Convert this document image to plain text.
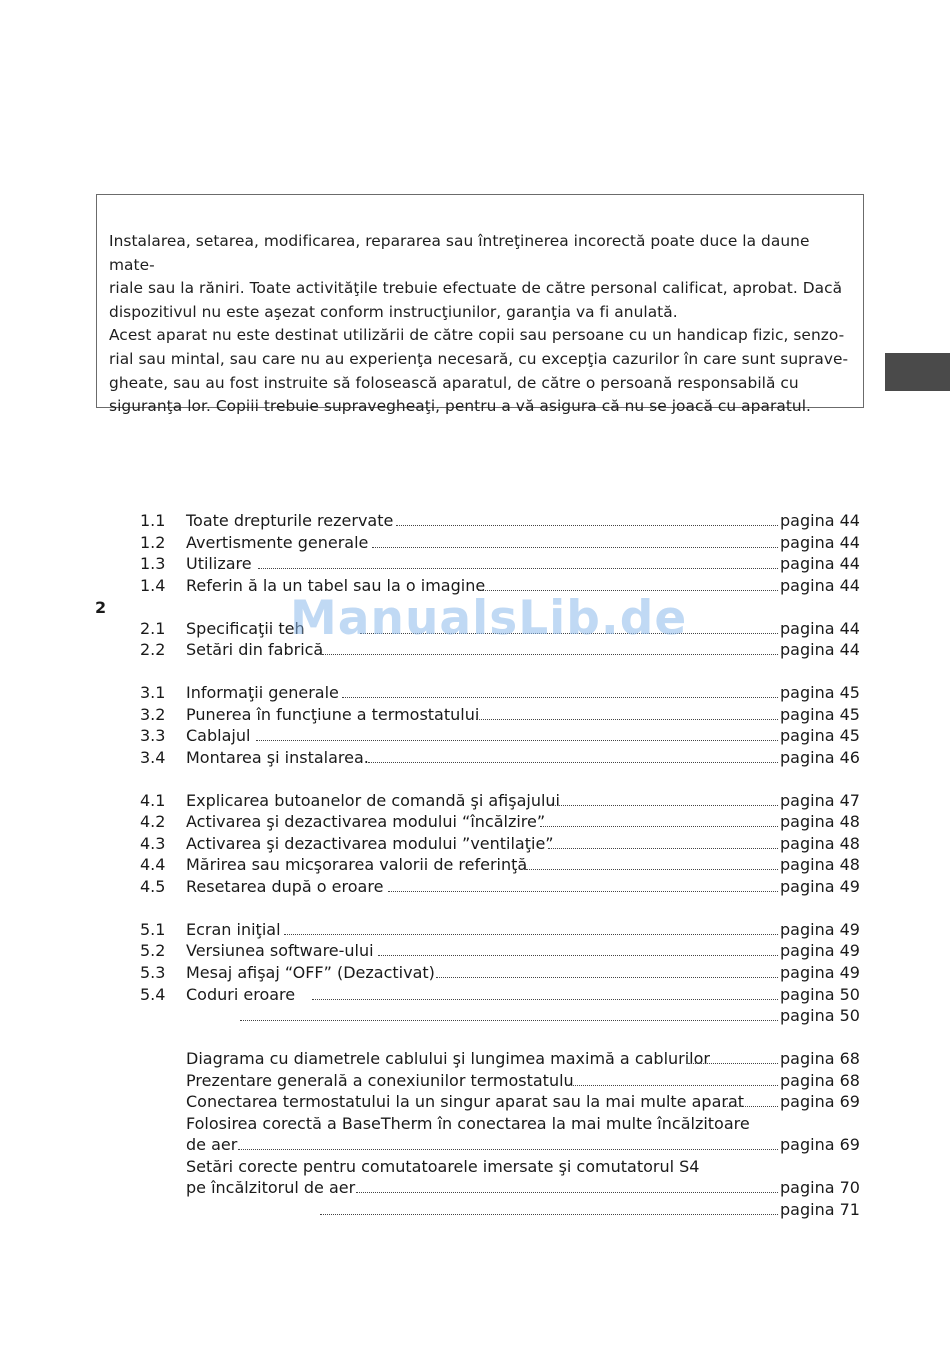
Instalarea, setarea, modificarea, repararea sau întreţinerea incorectă poate duce la daune mate-
riale sau la răniri. Toate activităţile trebuie efectuate de către personal calificat, aprobat. Dacă
dispozitivul nu este aşezat conform instrucţiunilor, garanţia va fi anulată.
Acest aparat nu este destinat utilizării de către copii sau persoane cu un handicap fizic, senzo-
rial sau mintal, sau care nu au experienţa necesară, cu excepţia cazurilor în care sunt suprave-
gheate, sau au fost instruite să folosească aparatul, de către o persoană responsabilă cu
siguranţa lor. Copiii trebuie supravegheaţi, pentru a vă asigura că nu se joacă cu aparatul.
2
1.1 Toate drepturile rezervate	pagina 44
1.2 Avertismente generale	pagina 44
1.3 Utilizare	pagina 44
1.4 Referin ă la un tabel sau la o imagine	pagina 44
2.1 Specificaţii teh	pagina 44
2.2 Setări din fabrică	pagina 44
3.1 Informaţii generale	pagina 45
3.2 Punerea în funcţiune a termostatului	pagina 45
3.3 Cablajul	pagina 45
3.4 Montarea şi instalarea.	pagina 46
4.1 Explicarea butoanelor de comandă şi afişajului	pagina 47
4.2 Activarea şi dezactivarea modului “încălzire”	pagina 48
4.3 Activarea şi dezactivarea modului ”ventilaţie”	pagina 48
4.4 Mărirea sau micşorarea valorii de referinţă	pagina 48
4.5 Resetarea după o eroare	pagina 49
5.1 Ecran iniţial	pagina 49
5.2 Versiunea software-ului	pagina 49
5.3 Mesaj afişaj “OFF” (Dezactivat)	pagina 49
5.4 Coduri eroare	pagina 50
pagina 50
Diagrama cu diametrele cablului şi lungimea maximă a cablurilor	pagina 68
Prezentare generală a conexiunilor termostatulu	pagina 68
Conectarea termostatului la un singur aparat sau la mai multe aparat pagina 69
Folosirea corectă a BaseTherm în conectarea la mai multe încălzitoare
de aer	pagina 69
Setări corecte pentru comutatoarele imersate şi comutatorul S4
pe încălzitorul de aer	pagina 70
pagina 71
ManualsLib.de
